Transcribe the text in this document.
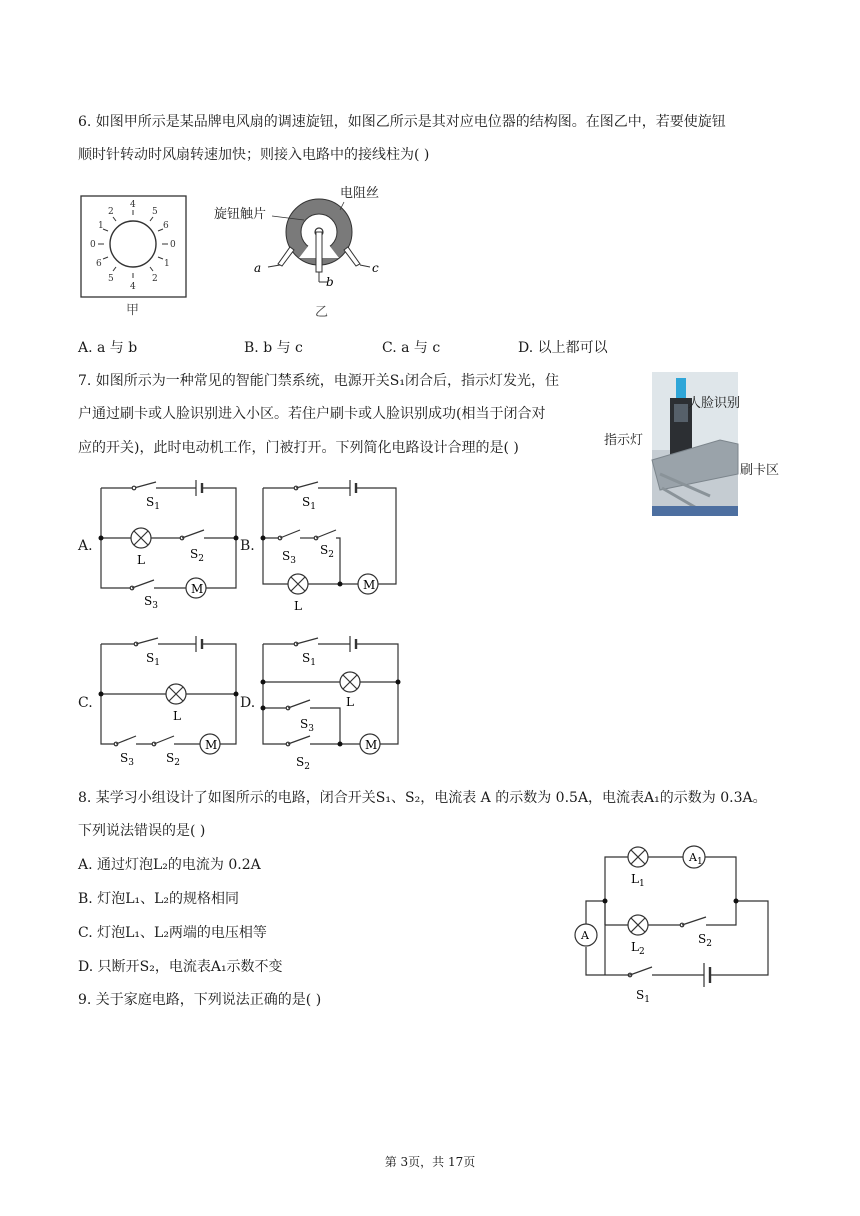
6. 如图甲所示是某品牌电风扇的调速旋钮，如图乙所示是其对应电位器的结构图。在图乙中，若要使旋钮
顺时针转动时风扇转速加快；则接入电路中的接线柱为( )
4
4
2
1
0
6
5
5
6
0
1
2
甲
电阻丝
旋钮触片
a
b
c
乙
A. a 与 b	B. b 与 c	C. a 与 c	D. 以上都可以
7. 如图所示为一种常见的智能门禁系统，电源开关S₁闭合后，指示灯发光，住
户通过刷卡或人脸识别进入小区。若住户刷卡或人脸识别成功(相当于闭合对
应的开关)，此时电动机工作，门被打开。下列简化电路设计合理的是( )
人脸识别
指示灯
刷卡区
A.
$S_1$
L	$S_2$
$S_3$
M
B.
$S_1$
$S_3$
$S_2$
L
M
C.
$S_1$
L
$S_3$	$S_2$
M
D.
$S_1$
L
$S_3$
$S_2$
M
8. 某学习小组设计了如图所示的电路，闭合开关S₁、S₂，电流表 A 的示数为 0.5A，电流表A₁的示数为 0.3A。
下列说法错误的是( )
A. 通过灯泡L₂的电流为 0.2A
B. 灯泡L₁、L₂的规格相同
C. 灯泡L₁、L₂两端的电压相等
D. 只断开S₂，电流表A₁示数不变
$A_1$
A
$L_1$
$L_2$
$S_2$
$S_1$
9. 关于家庭电路，下列说法正确的是( )
第 3页，共 17页
